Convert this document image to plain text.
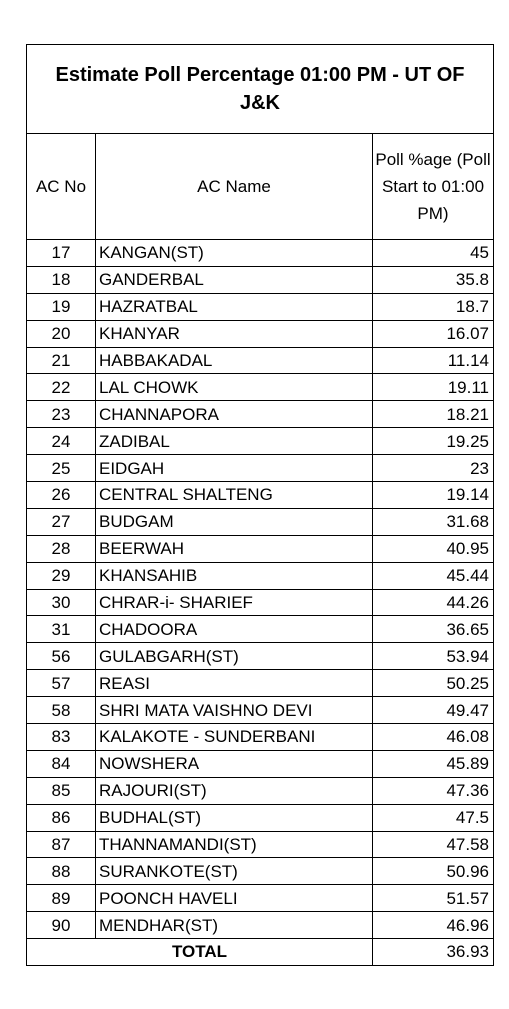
Estimate Poll Percentage 01:00 PM - UT OF J&K		
AC No	AC Name	Poll %age (Poll Start to 01:00 PM)
17	KANGAN(ST)	45
18	GANDERBAL	35.8
19	HAZRATBAL	18.7
20	KHANYAR	16.07
21	HABBAKADAL	11.14
22	LAL CHOWK	19.11
23	CHANNAPORA	18.21
24	ZADIBAL	19.25
25	EIDGAH	23
26	CENTRAL SHALTENG	19.14
27	BUDGAM	31.68
28	BEERWAH	40.95
29	KHANSAHIB	45.44
30	CHRAR-i- SHARIEF	44.26
31	CHADOORA	36.65
56	GULABGARH(ST)	53.94
57	REASI	50.25
58	SHRI MATA VAISHNO DEVI	49.47
83	KALAKOTE - SUNDERBANI	46.08
84	NOWSHERA	45.89
85	RAJOURI(ST)	47.36
86	BUDHAL(ST)	47.5
87	THANNAMANDI(ST)	47.58
88	SURANKOTE(ST)	50.96
89	POONCH HAVELI	51.57
90	MENDHAR(ST)	46.96
TOTAL		36.93
